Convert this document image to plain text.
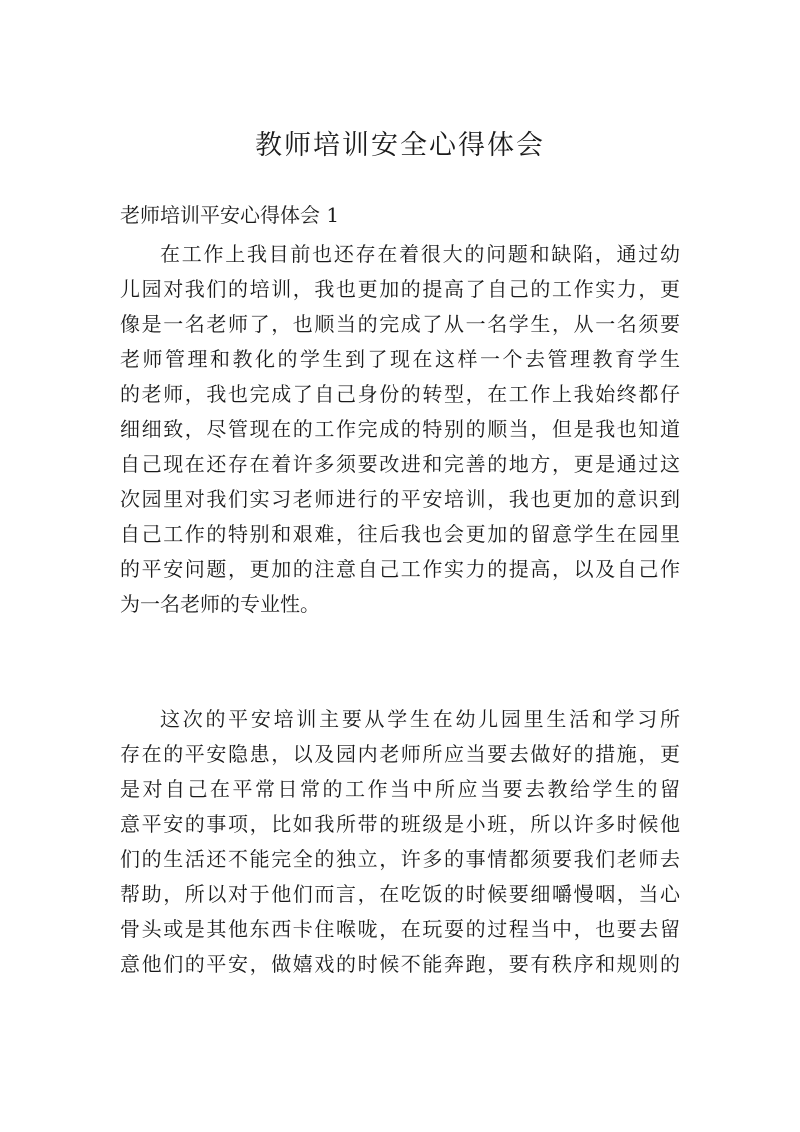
教师培训安全心得体会

老师培训平安心得体会 1

在工作上我目前也还存在着很大的问题和缺陷，通过幼
儿园对我们的培训，我也更加的提高了自己的工作实力，更
像是一名老师了，也顺当的完成了从一名学生，从一名须要
老师管理和教化的学生到了现在这样一个去管理教育学生
的老师，我也完成了自己身份的转型，在工作上我始终都仔
细细致，尽管现在的工作完成的特别的顺当，但是我也知道
自己现在还存在着许多须要改进和完善的地方，更是通过这
次园里对我们实习老师进行的平安培训，我也更加的意识到
自己工作的特别和艰难，往后我也会更加的留意学生在园里
的平安问题，更加的注意自己工作实力的提高，以及自己作
为一名老师的专业性。
这次的平安培训主要从学生在幼儿园里生活和学习所
存在的平安隐患，以及园内老师所应当要去做好的措施，更
是对自己在平常日常的工作当中所应当要去教给学生的留
意平安的事项，比如我所带的班级是小班，所以许多时候他
们的生活还不能完全的独立，许多的事情都须要我们老师去
帮助，所以对于他们而言，在吃饭的时候要细嚼慢咽，当心
骨头或是其他东西卡住喉咙，在玩耍的过程当中，也要去留
意他们的平安，做嬉戏的时候不能奔跑，要有秩序和规则的
